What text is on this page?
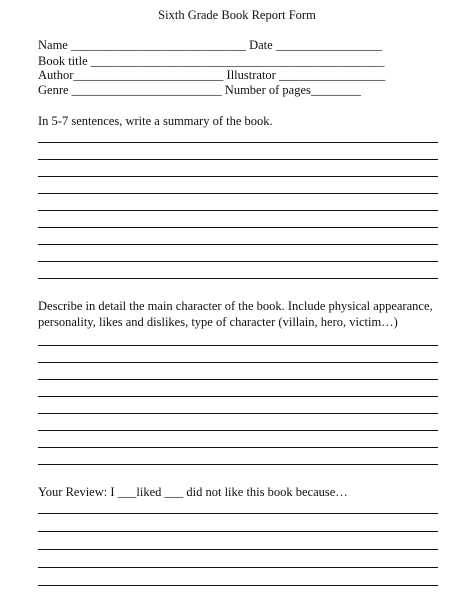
Sixth Grade Book Report Form
Name ____________________________ Date _________________
Book title _______________________________________________
Author________________________ Illustrator _________________
Genre ________________________ Number of pages________
In 5-7 sentences, write a summary of the book.
Describe in detail the main character of the book. Include physical appearance, personality, likes and dislikes, type of character (villain, hero, victim…)
Your Review: I ___liked ___ did not like this book because…
